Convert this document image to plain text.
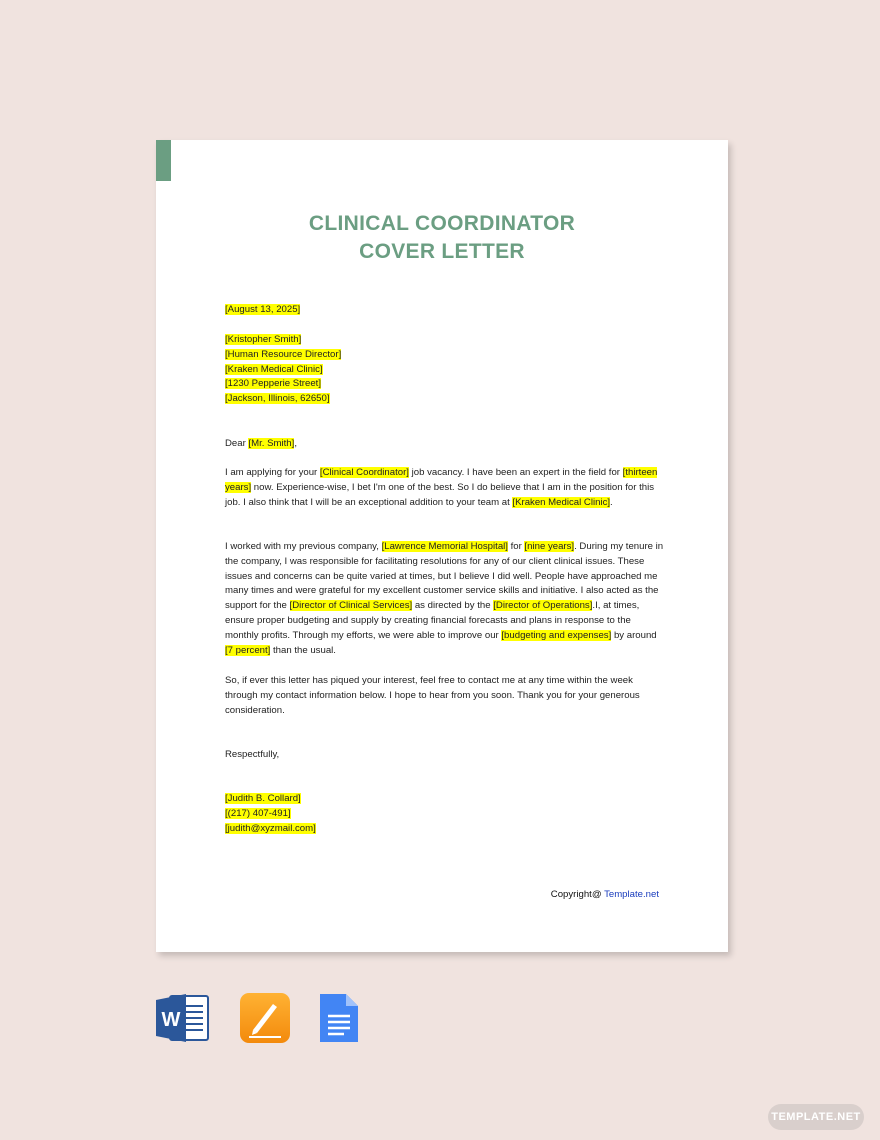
CLINICAL COORDINATOR
COVER LETTER
[August 13, 2025]
[Kristopher Smith]
[Human Resource Director]
[Kraken Medical Clinic]
[1230 Pepperie Street]
[Jackson, Illinois, 62650]
Dear [Mr. Smith],
I am applying for your [Clinical Coordinator] job vacancy. I have been an expert in the field for [thirteen years] now. Experience-wise, I bet I'm one of the best. So I do believe that I am in the position for this job. I also think that I will be an exceptional addition to your team at [Kraken Medical Clinic].
I worked with my previous company, [Lawrence Memorial Hospital] for [nine years]. During my tenure in the company, I was responsible for facilitating resolutions for any of our client clinical issues. These issues and concerns can be quite varied at times, but I believe I did well. People have approached me many times and were grateful for my excellent customer service skills and initiative. I also acted as the support for the [Director of Clinical Services] as directed by the [Director of Operations].I, at times, ensure proper budgeting and supply by creating financial forecasts and plans in response to the monthly profits. Through my efforts, we were able to improve our [budgeting and expenses] by around [7 percent] than the usual.
So, if ever this letter has piqued your interest, feel free to contact me at any time within the week through my contact information below. I hope to hear from you soon. Thank you for your generous consideration.
Respectfully,
[Judith B. Collard]
[(217) 407-491]
[judith@xyzmail.com]
Copyright@ Template.net
W
TEMPLATE.NET
